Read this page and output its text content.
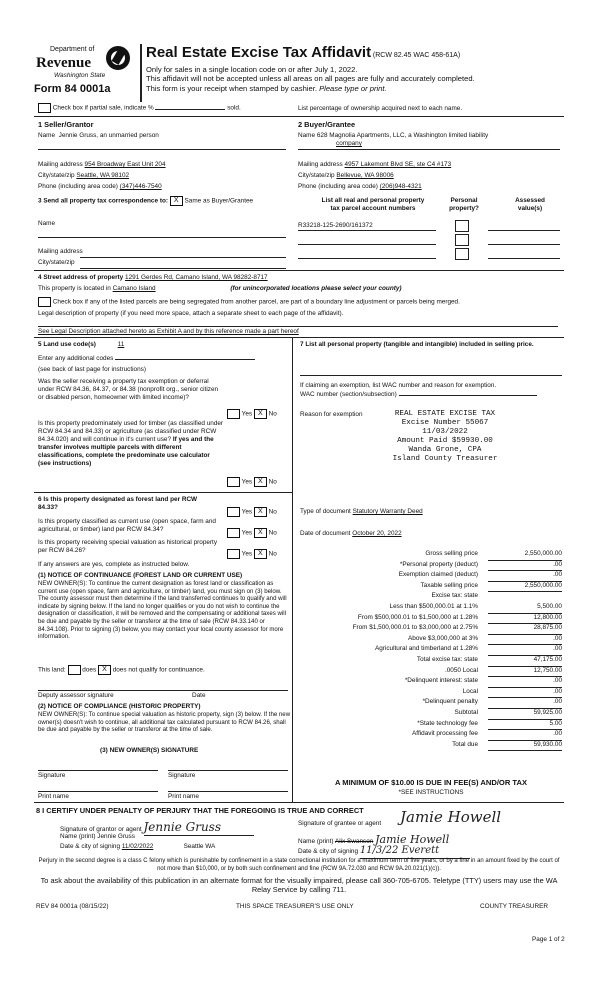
Department of
Revenue
Washington State
Form 84 0001a
Real Estate Excise Tax Affidavit (RCW 82.45 WAC 458-61A)
Only for sales in a single location code on or after July 1, 2022.
This affidavit will not be accepted unless all areas on all pages are fully and accurately completed.
This form is your receipt when stamped by cashier. Please type or print.
Check box if partial sale, indicate %	sold.	List percentage of ownership acquired next to each name.
1 Seller/Grantor
Name Jennie Gruss, an unmarried person
Mailing address 954 Broadway East Unit 204
City/state/zip Seattle, WA 98102
Phone (including area code) (347)446-7540
2 Buyer/Grantee
Name 628 Magnolia Apartments, LLC, a Washington limited liability
company
Mailing address 4957 Lakemont Blvd SE, ste C4 #173
City/state/zip Bellevue, WA 98006
Phone (including area code) (206)948-4321
3 Send all property tax correspondence to: X Same as Buyer/Grantee
Name
Mailing address
City/state/zip
List all real and personal property
tax parcel account numbers
Personal
property?
Assessed
value(s)
R33218-125-2690/161372
4 Street address of property 1291 Gerdes Rd, Camano Island, WA 98282-8717
This property is located in Camano Island	(for unincorporated locations please select your county)
Check box if any of the listed parcels are being segregated from another parcel, are part of a boundary line adjustment or parcels being merged.
Legal description of property (if you need more space, attach a separate sheet to each page of the affidavit).
See Legal Description attached hereto as Exhibit A and by this reference made a part hereof
5 Land use code(s)	11
Enter any additional codes
(see back of last page for instructions)
Was the seller receiving a property tax exemption or deferral under RCW 84.36, 84.37, or 84.38 (nonprofit org., senior citizen or disabled person, homeowner with limited income)?
Yes X No
Is this property predominately used for timber (as classified under RCW 84.34 and 84.33) or agriculture (as classified under RCW 84.34.020) and will continue in it's current use? If yes and the transfer involves multiple parcels with different classifications, complete the predominate use calculator (see instructions)
Yes X No
6 Is this property designated as forest land per RCW 84.33?
Yes X No
Is this property classified as current use (open space, farm and agricultural, or timber) land per RCW 84.34?
Yes X No
Is this property receiving special valuation as historical property per RCW 84.26?
Yes X No
If any answers are yes, complete as instructed below.
(1) NOTICE OF CONTINUANCE (FOREST LAND OR CURRENT USE)
NEW OWNER(S): To continue the current designation as forest land or classification as current use (open space, farm and agriculture, or timber) land, you must sign on (3) below. The county assessor must then determine if the land transferred continues to qualify and will indicate by signing below. If the land no longer qualifies or you do not wish to continue the designation or classification, it will be removed and the compensating or additional taxes will be due and payable by the seller or transferor at the time of sale (RCW 84.33.140 or 84.34.108). Prior to signing (3) below, you may contact your local county assessor for more information.
This land:	does X does not qualify for continuance.
Deputy assessor signature	Date
(2) NOTICE OF COMPLIANCE (HISTORIC PROPERTY)
NEW OWNER(S): To continue special valuation as historic property, sign (3) below. If the new owner(s) doesn't wish to continue, all additional tax calculated pursuant to RCW 84.26, shall be due and payable by the seller or transferor at the time of sale.
(3) NEW OWNER(S) SIGNATURE
Signature	Signature
Print name	Print name
7 List all personal property (tangible and intangible) included in selling price.
If claiming an exemption, list WAC number and reason for exemption.
WAC number (section/subsection)
Reason for exemption	REAL ESTATE EXCISE TAX
Excise Number 55067
11/03/2022
Amount Paid $59930.00
Wanda Grone, CPA
Island County Treasurer
Type of document Statutory Warranty Deed
Date of document October 20, 2022
Gross selling price	2,550,000.00
*Personal property (deduct)	.00
Exemption claimed (deduct)	.00
Taxable selling price	2,550,000.00
Excise tax: state
Less than $500,000.01 at 1.1%	5,500.00
From $500,000.01 to $1,500,000 at 1.28%	12,800.00
From $1,500,000.01 to $3,000,000 at 2.75%	28,875.00
Above $3,000,000 at 3%	.00
Agricultural and timberland at 1.28%	.00
Total excise tax: state	47,175.00
.0050 Local	12,750.00
*Delinquent interest: state	.00
Local	.00
*Delinquent penalty	.00
Subtotal	59,925.00
*State technology fee	5.00
Affidavit processing fee	.00
Total due	59,930.00
A MINIMUM OF $10.00 IS DUE IN FEE(S) AND/OR TAX
*SEE INSTRUCTIONS
8 I CERTIFY UNDER PENALTY OF PERJURY THAT THE FOREGOING IS TRUE AND CORRECT
Signature of grantor or agent Jennie Gruss
Name (print) Jennie Gruss
Date & city of signing 11/02/2022	Seattle WA
Signature of grantee or agent Jamie Howell
Name (print) Alix Swanson Jamie Howell
Date & city of signing 11/3/22 Everett
Perjury in the second degree is a class C felony which is punishable by confinement in a state correctional institution for a maximum term of five years, or by a fine in an amount fixed by the court of not more than $10,000, or by both such confinement and fine (RCW 9A.72.030 and RCW 9A.20.021(1)(c)).
To ask about the availability of this publication in an alternate format for the visually impaired, please call 360-705-6705. Teletype (TTY) users may use the WA Relay Service by calling 711.
REV 84 0001a (08/15/22)	THIS SPACE TREASURER'S USE ONLY	COUNTY TREASURER
Page 1 of 2
